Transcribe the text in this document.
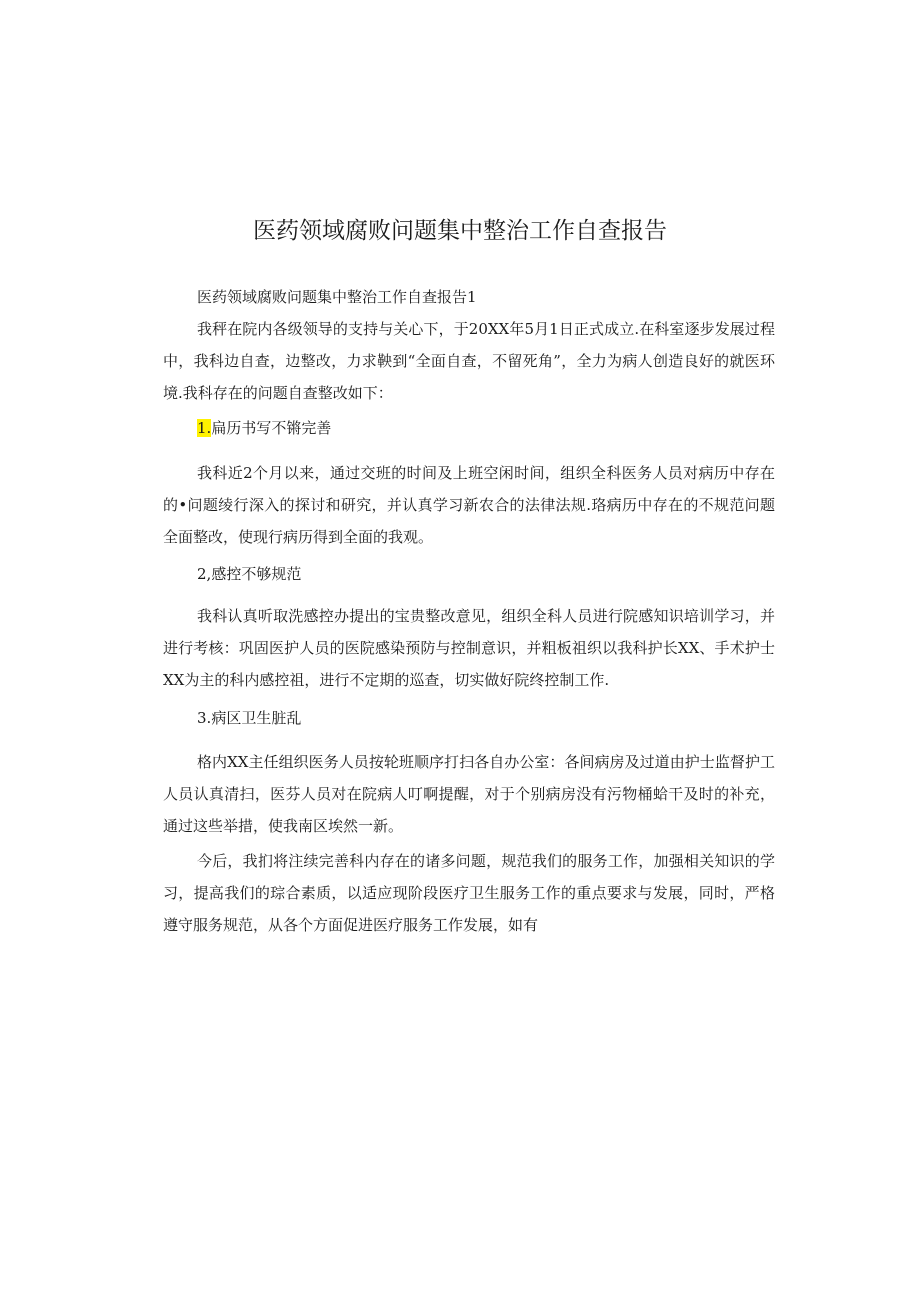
医药领域腐败问题集中整治工作自查报告

医药领域腐败问题集中整治工作自查报告1

我秤在院内各级领导的支持与关心下，于20XX年5月1日正式成立.在科室逐步发展过程中，我科边自查，边整改，力求鞅到“全面自查，不留死角”，全力为病人创造良好的就医环境.我科存在的问题自查整改如下：

1.扁历书写不锵完善

我科近2个月以来，通过交班的时间及上班空闲时间，组织全科医务人员对病历中存在的•问题绫行深入的探讨和研究，并认真学习新农合的法律法规.珞病历中存在的不规范问题全面整改，使现行病历得到全面的我观。

2,感控不够规范

我科认真听取洗感控办提出的宝贵整改意见，组织全科人员进行院感知识培训学习，并进行考核：巩固医护人员的医院感染预防与控制意识，并粗板祖织以我科护长XX、手术护士XX为主的科内感控祖，进行不定期的巡查，切实做好院终控制工作.

3.病区卫生脏乱

格内XX主任组织医务人员按轮班顺序打扫各自办公室：各间病房及过道由护士监督护工人员认真清扫，医芬人员对在院病人叮啊提醒，对于个别病房没有污物桶蛤干及时的补充，通过这些举措，使我南区埃然一新。

今后，我扪将注续完善科内存在的诸多问题，规范我们的服务工作，加强相关知识的学习，提高我们的琮合素质，以适应现阶段医疗卫生服务工作的重点要求与发展，同时，严格遵守服务规范，从各个方面促进医疗服务工作发展，如有
